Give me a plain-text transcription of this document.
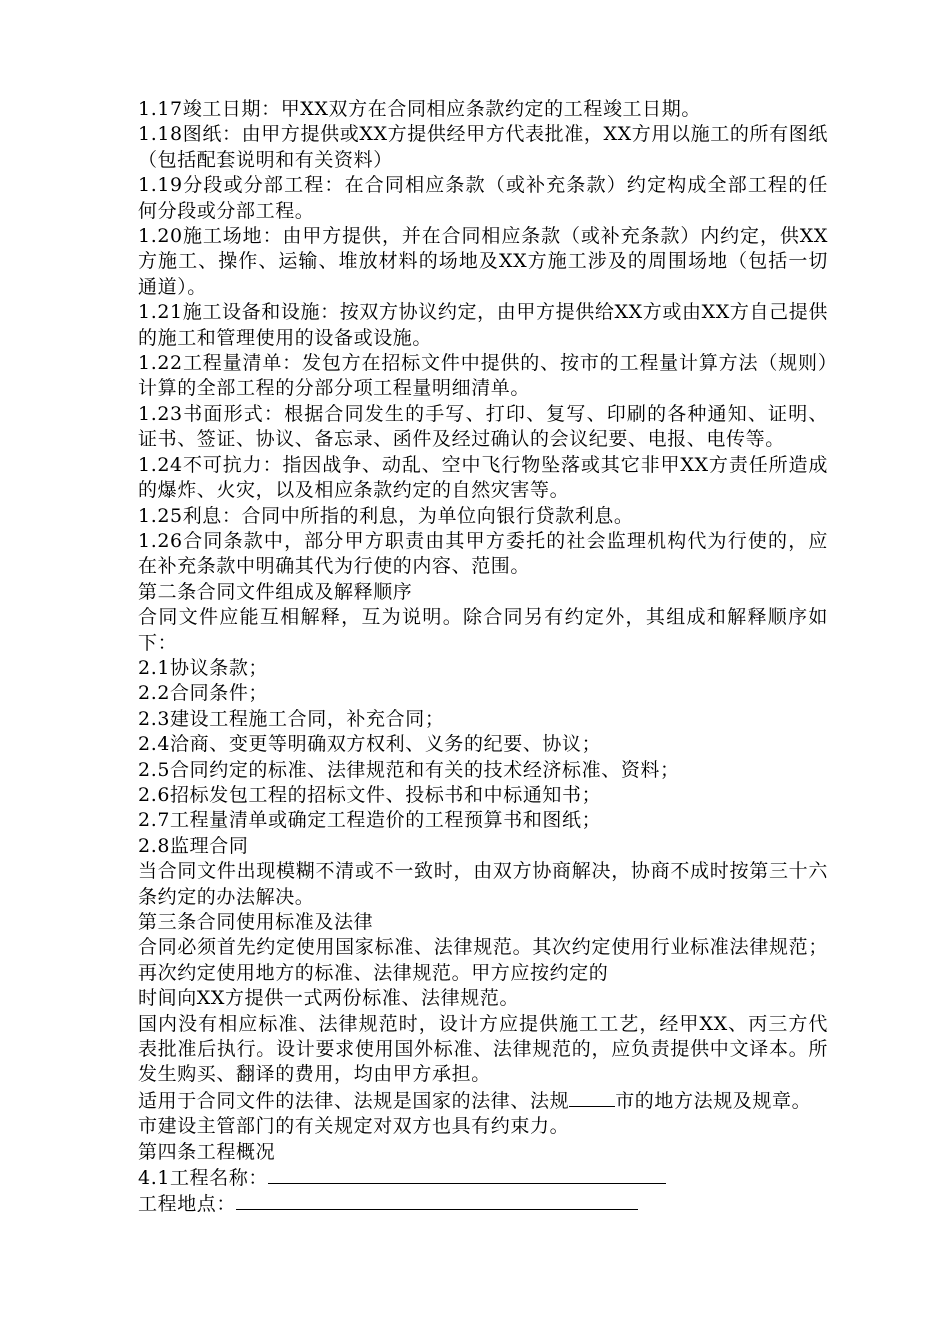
1.17竣工日期：甲XX双方在合同相应条款约定的工程竣工日期。

1.18图纸：由甲方提供或XX方提供经甲方代表批准，XX方用以施工的所有图纸（包括配套说明和有关资料）

1.19分段或分部工程：在合同相应条款（或补充条款）约定构成全部工程的任何分段或分部工程。

1.20施工场地：由甲方提供，并在合同相应条款（或补充条款）内约定，供XX方施工、操作、运输、堆放材料的场地及XX方施工涉及的周围场地（包括一切通道）。

1.21施工设备和设施：按双方协议约定，由甲方提供给XX方或由XX方自己提供的施工和管理使用的设备或设施。

1.22工程量清单：发包方在招标文件中提供的、按市的工程量计算方法（规则）计算的全部工程的分部分项工程量明细清单。

1.23书面形式：根据合同发生的手写、打印、复写、印刷的各种通知、证明、证书、签证、协议、备忘录、函件及经过确认的会议纪要、电报、电传等。

1.24不可抗力：指因战争、动乱、空中飞行物坠落或其它非甲XX方责任所造成的爆炸、火灾，以及相应条款约定的自然灾害等。

1.25利息：合同中所指的利息，为单位向银行贷款利息。

1.26合同条款中，部分甲方职责由其甲方委托的社会监理机构代为行使的，应在补充条款中明确其代为行使的内容、范围。

第二条合同文件组成及解释顺序

合同文件应能互相解释，互为说明。除合同另有约定外，其组成和解释顺序如下：

2.1协议条款；

2.2合同条件；

2.3建设工程施工合同，补充合同；

2.4洽商、变更等明确双方权利、义务的纪要、协议；

2.5合同约定的标准、法律规范和有关的技术经济标准、资料；

2.6招标发包工程的招标文件、投标书和中标通知书；

2.7工程量清单或确定工程造价的工程预算书和图纸；

2.8监理合同

当合同文件出现模糊不清或不一致时，由双方协商解决，协商不成时按第三十六条约定的办法解决。

第三条合同使用标准及法律

合同必须首先约定使用国家标准、法律规范。其次约定使用行业标准法律规范；再次约定使用地方的标准、法律规范。甲方应按约定的

时间向XX方提供一式两份标准、法律规范。

国内没有相应标准、法律规范时，设计方应提供施工工艺，经甲XX、丙三方代表批准后执行。设计要求使用国外标准、法律规范的，应负责提供中文译本。所发生购买、翻译的费用，均由甲方承担。

适用于合同文件的法律、法规是国家的法律、法规 市的地方法规及规章。

市建设主管部门的有关规定对双方也具有约束力。

第四条工程概况

4.1工程名称：

工程地点：
